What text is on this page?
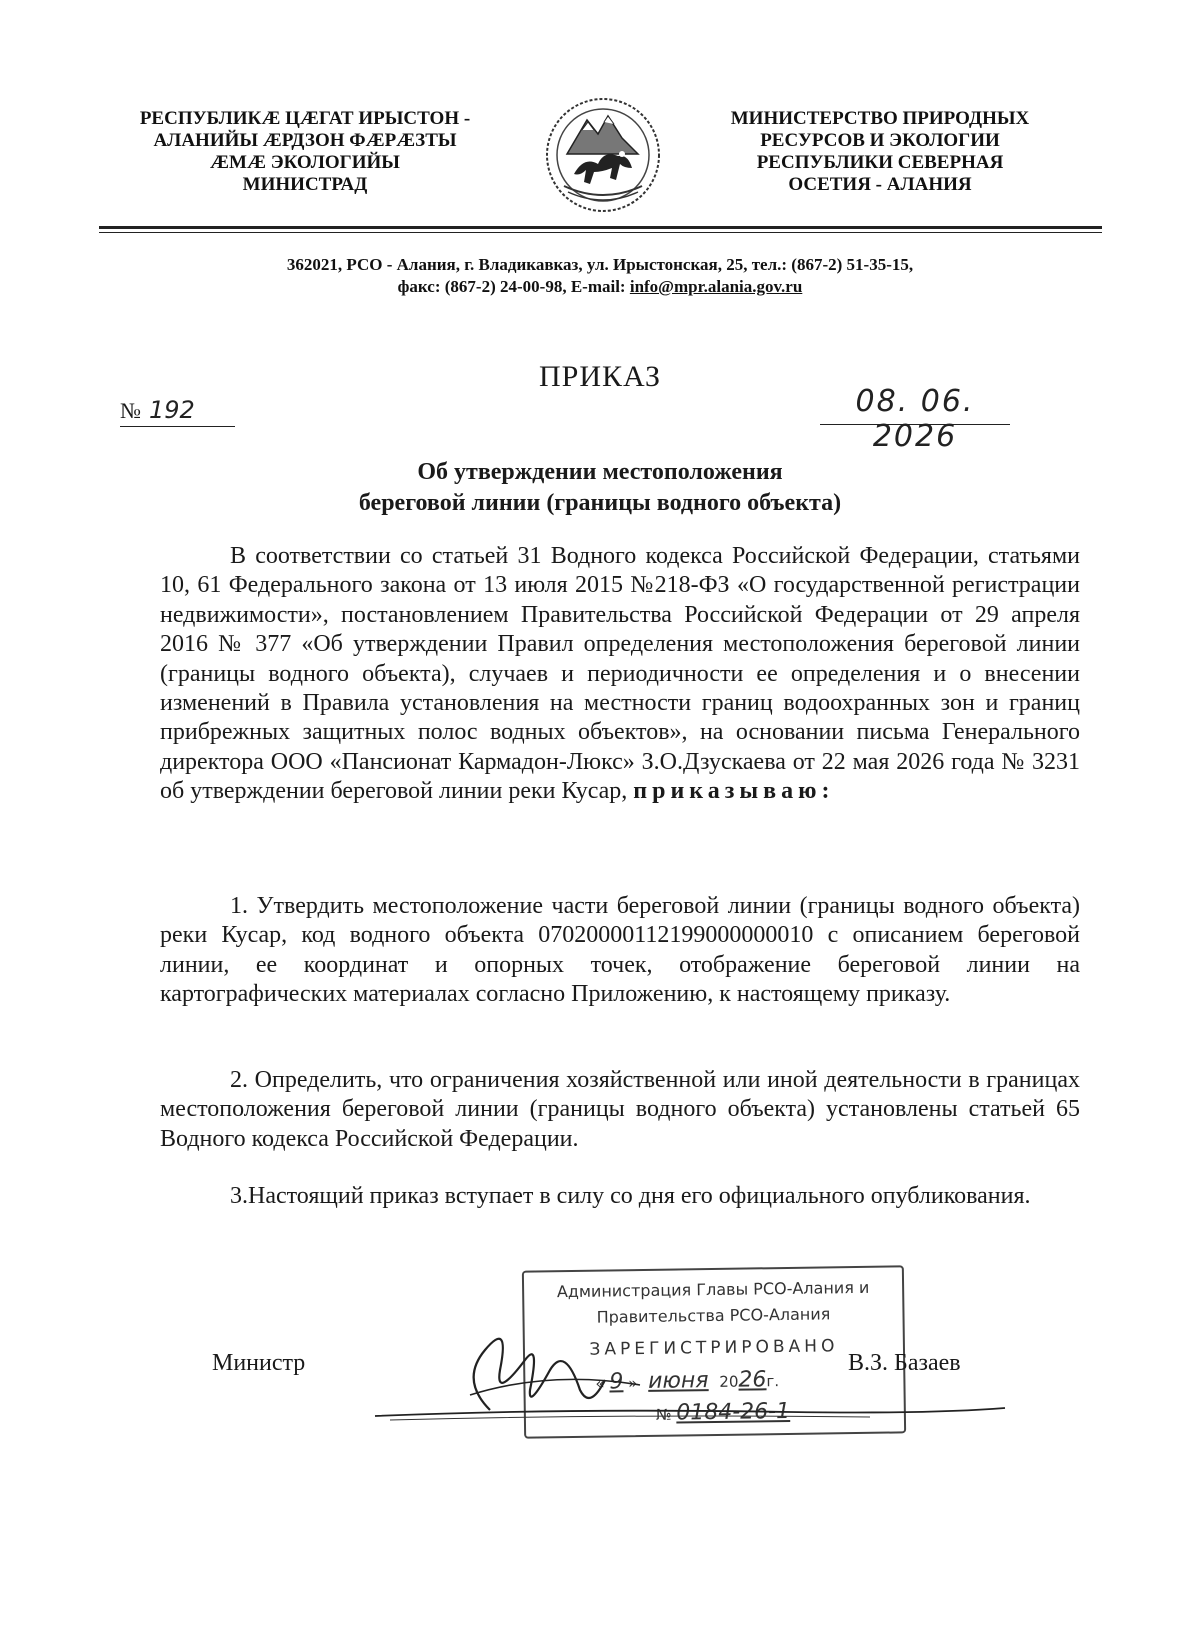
РЕСПУБЛИКÆ ЦÆГАТ ИРЫСТОН -
АЛАНИЙЫ ÆРДЗОН ФÆРÆЗТЫ
ÆМÆ ЭКОЛОГИЙЫ
МИНИСТРАД
МИНИСТЕРСТВО ПРИРОДНЫХ
РЕСУРСОВ И ЭКОЛОГИИ
РЕСПУБЛИКИ СЕВЕРНАЯ
ОСЕТИЯ - АЛАНИЯ
362021, РСО - Алания, г. Владикавказ, ул. Ирыстонская, 25, тел.: (867-2) 51-35-15,
факс: (867-2) 24-00-98, E-mail: info@mpr.alania.gov.ru
ПРИКАЗ
№ 192	08. 06. 2026
Об утверждении местоположения
береговой линии (границы водного объекта)
В соответствии со статьей 31 Водного кодекса Российской Федерации, статьями 10, 61 Федерального закона от 13 июля 2015 №218-ФЗ «О государственной регистрации недвижимости», постановлением Правительства Российской Федерации от 29 апреля 2016 № 377 «Об утверждении Правил определения местоположения береговой линии (границы водного объекта), случаев и периодичности ее определения и о внесении изменений в Правила установления на местности границ водоохранных зон и границ прибрежных защитных полос водных объектов», на основании письма Генерального директора ООО «Пансионат Кармадон-Люкс» З.О.Дзускаева от 22 мая 2026 года № 3231 об утверждении береговой линии реки Кусар, приказываю:
1. Утвердить местоположение части береговой линии (границы водного объекта) реки Кусар, код водного объекта 07020000112199000000010 с описанием береговой линии, ее координат и опорных точек, отображение береговой линии на картографических материалах согласно Приложению, к настоящему приказу.
2. Определить, что ограничения хозяйственной или иной деятельности в границах местоположения береговой линии (границы водного объекта) установлены статьей 65 Водного кодекса Российской Федерации.
3.Настоящий приказ вступает в силу со дня его официального опубликования.
Администрация Главы РСО-Алания и
Правительства РСО-Алания
ЗАРЕГИСТРИРОВАНО
« 9 » июня 2026г.
№ 0184-26-1
Министр	В.З. Базаев
